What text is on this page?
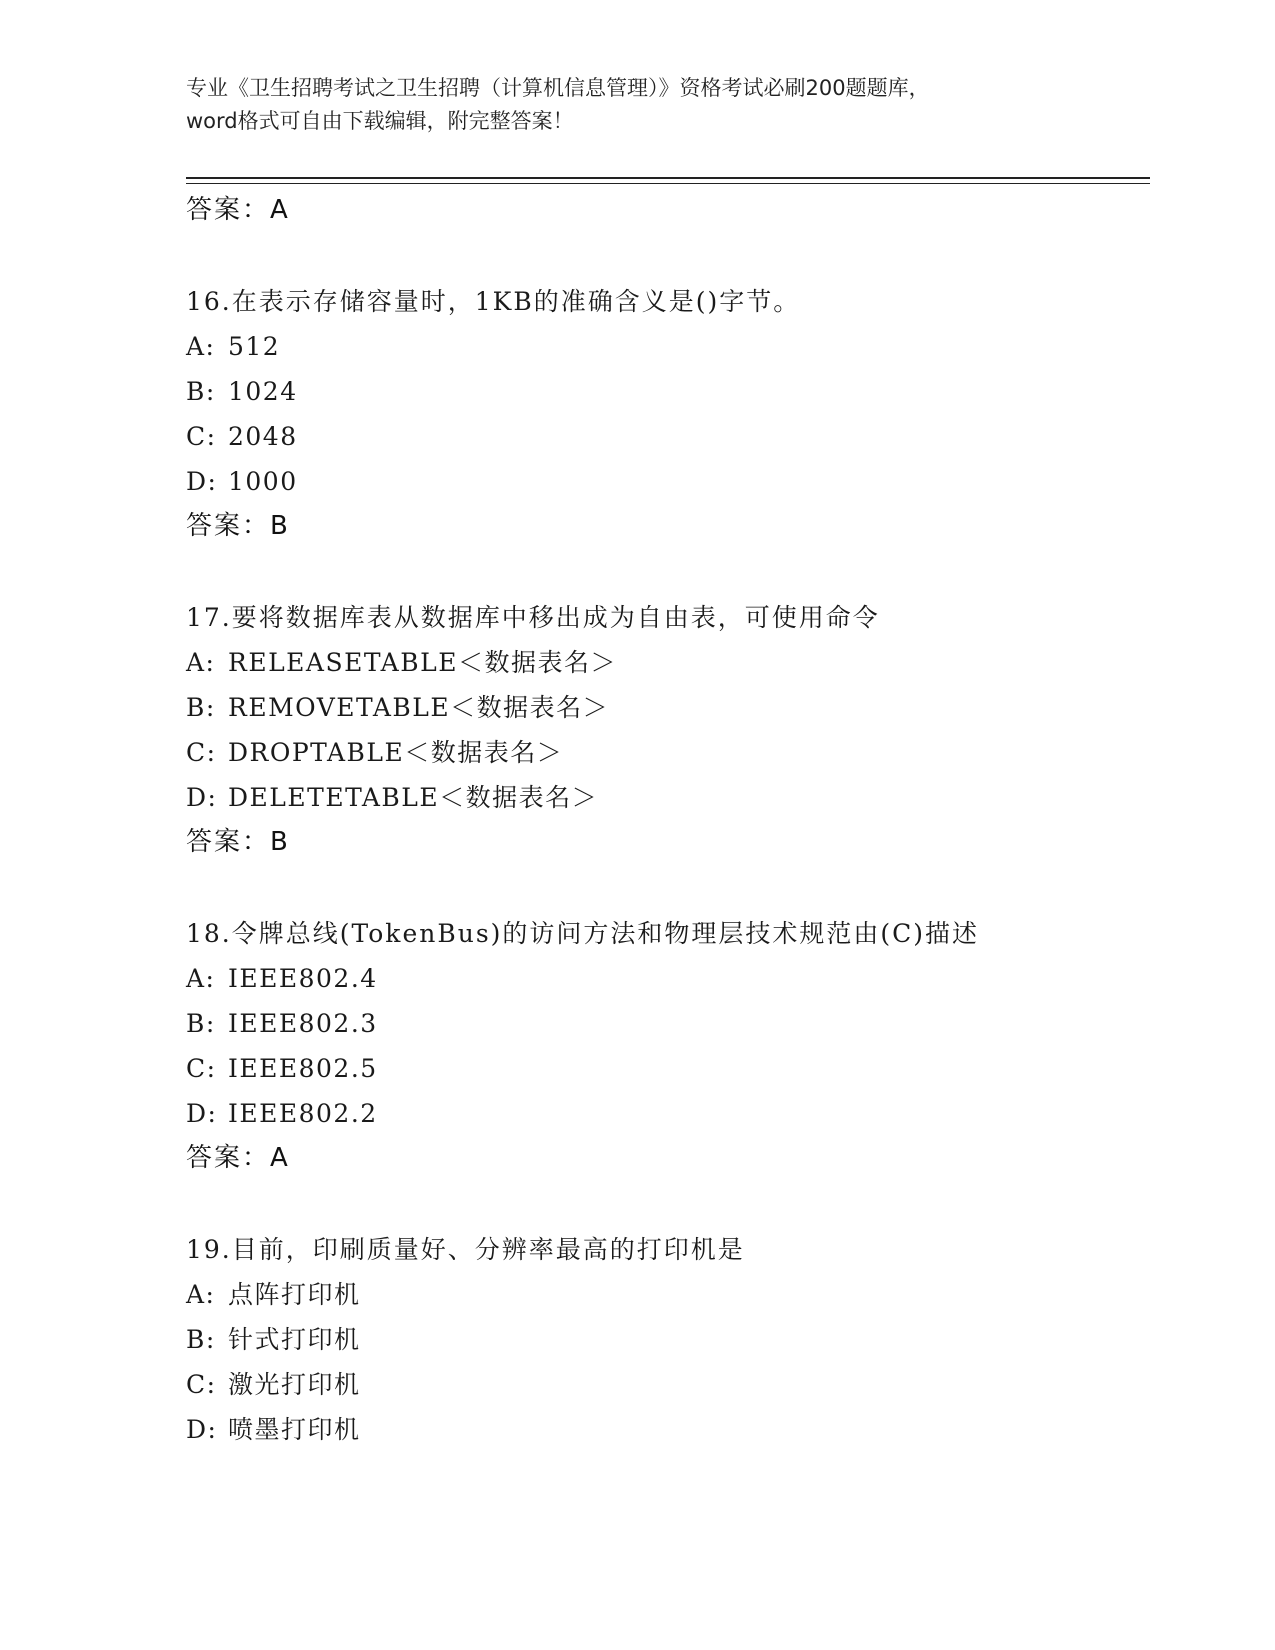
专业《卫生招聘考试之卫生招聘（计算机信息管理）》资格考试必刷200题题库，
word格式可自由下载编辑，附完整答案！
答案：A
16.在表示存储容量时，1KB的准确含义是()字节。
A: 512
B: 1024
C: 2048
D: 1000
答案：B
17.要将数据库表从数据库中移出成为自由表，可使用命令
A: RELEASETABLE＜数据表名＞
B: REMOVETABLE＜数据表名＞
C: DROPTABLE＜数据表名＞
D: DELETETABLE＜数据表名＞
答案：B
18.令牌总线(TokenBus)的访问方法和物理层技术规范由(C)描述
A: IEEE802.4
B: IEEE802.3
C: IEEE802.5
D: IEEE802.2
答案：A
19.目前，印刷质量好、分辨率最高的打印机是
A: 点阵打印机
B: 针式打印机
C: 激光打印机
D: 喷墨打印机
